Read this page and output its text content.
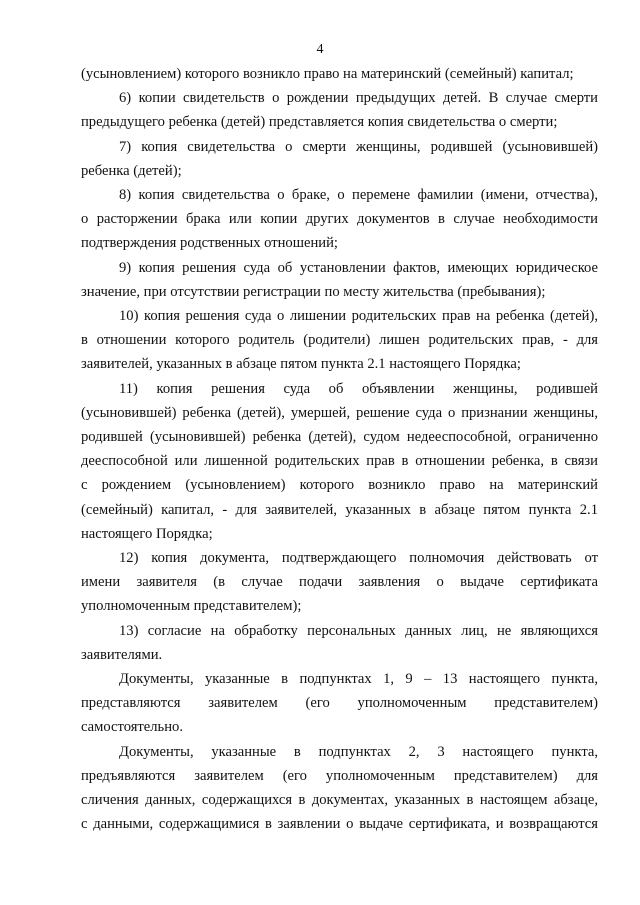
4
(усыновлением) которого возникло право на материнский (семейный) капитал;
6) копии свидетельств о рождении предыдущих детей. В случае смерти
предыдущего ребенка (детей) представляется копия свидетельства о смерти;
7) копия свидетельства о смерти женщины, родившей (усыновившей)
ребенка (детей);
8) копия свидетельства о браке, о перемене фамилии (имени, отчества),
о расторжении брака или копии других документов в случае необходимости
подтверждения родственных отношений;
9) копия решения суда об установлении фактов, имеющих юридическое
значение, при отсутствии регистрации по месту жительства (пребывания);
10) копия решения суда о лишении родительских прав на ребенка (детей),
в отношении которого родитель (родители) лишен родительских прав, - для
заявителей, указанных в абзаце пятом пункта 2.1 настоящего Порядка;
11) копия решения суда об объявлении женщины, родившей
(усыновившей) ребенка (детей), умершей, решение суда о признании женщины,
родившей (усыновившей) ребенка (детей), судом недееспособной, ограниченно
дееспособной или лишенной родительских прав в отношении ребенка, в связи
с рождением (усыновлением) которого возникло право на материнский
(семейный) капитал, - для заявителей, указанных в абзаце пятом пункта 2.1
настоящего Порядка;
12) копия документа, подтверждающего полномочия действовать от
имени заявителя (в случае подачи заявления о выдаче сертификата
уполномоченным представителем);
13) согласие на обработку персональных данных лиц, не являющихся
заявителями.
Документы, указанные в подпунктах 1, 9 – 13 настоящего пункта,
представляются заявителем (его уполномоченным представителем)
самостоятельно.
Документы, указанные в подпунктах 2, 3 настоящего пункта,
предъявляются заявителем (его уполномоченным представителем) для
сличения данных, содержащихся в документах, указанных в настоящем абзаце,
с данными, содержащимися в заявлении о выдаче сертификата, и возвращаются
